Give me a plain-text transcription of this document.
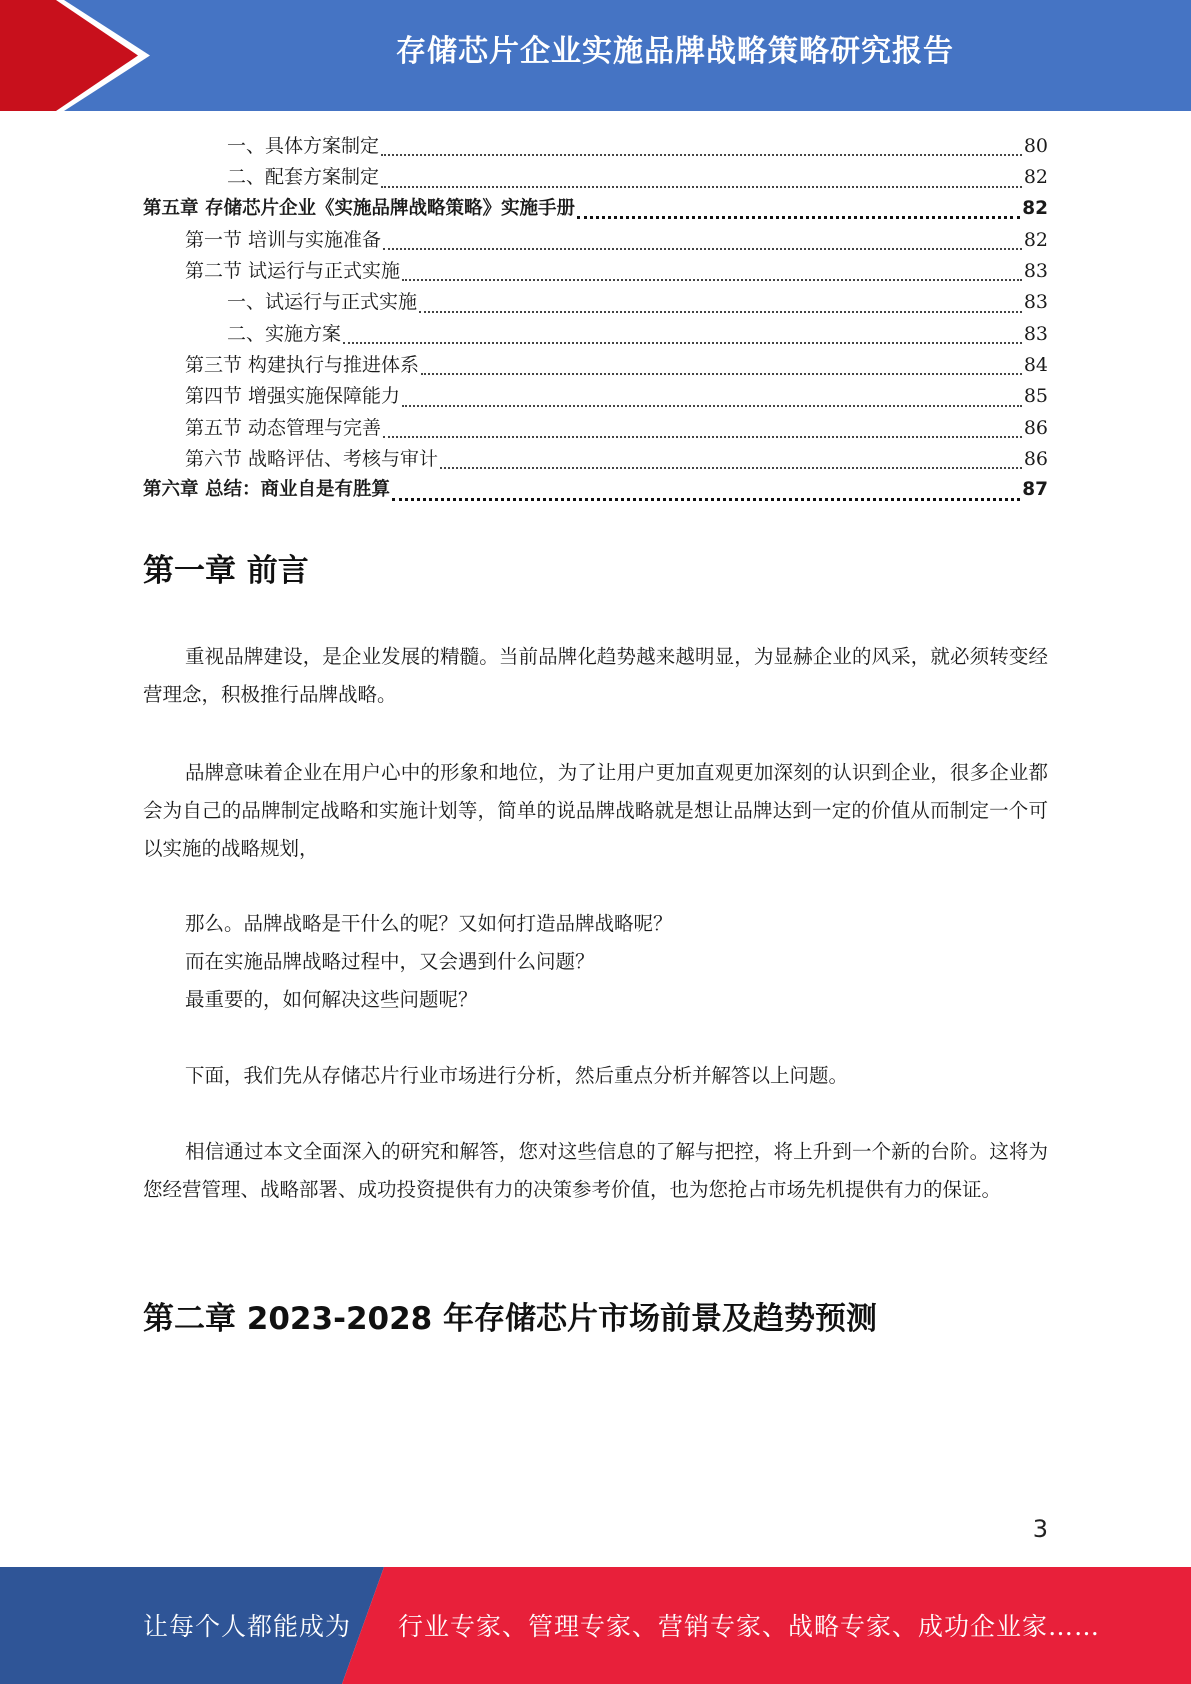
存储芯片企业实施品牌战略策略研究报告
一、具体方案制定	80
二、配套方案制定	82
第五章 存储芯片企业《实施品牌战略策略》实施手册	82
第一节 培训与实施准备	82
第二节 试运行与正式实施	83
一、试运行与正式实施	83
二、实施方案	83
第三节 构建执行与推进体系	84
第四节 增强实施保障能力	85
第五节 动态管理与完善	86
第六节 战略评估、考核与审计	86
第六章 总结：商业自是有胜算	87
第一章 前言

重视品牌建设，是企业发展的精髓。当前品牌化趋势越来越明显，为显赫企业的风采，就必须转变经营理念，积极推行品牌战略。

品牌意味着企业在用户心中的形象和地位，为了让用户更加直观更加深刻的认识到企业，很多企业都会为自己的品牌制定战略和实施计划等，简单的说品牌战略就是想让品牌达到一定的价值从而制定一个可以实施的战略规划，

那么。品牌战略是干什么的呢？又如何打造品牌战略呢？

而在实施品牌战略过程中，又会遇到什么问题？

最重要的，如何解决这些问题呢？

下面，我们先从存储芯片行业市场进行分析，然后重点分析并解答以上问题。

相信通过本文全面深入的研究和解答，您对这些信息的了解与把控，将上升到一个新的台阶。这将为您经营管理、战略部署、成功投资提供有力的决策参考价值，也为您抢占市场先机提供有力的保证。

第二章 2023-2028 年存储芯片市场前景及趋势预测
3
让每个人都能成为 行业专家、管理专家、营销专家、战略专家、成功企业家……
